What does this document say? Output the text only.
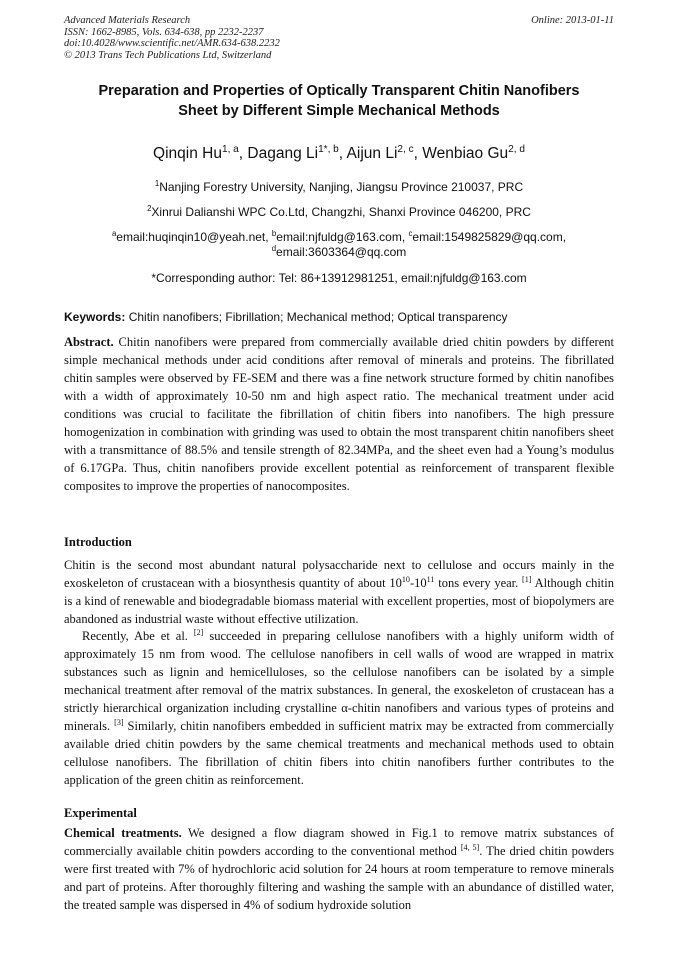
Advanced Materials Research
ISSN: 1662-8985, Vols. 634-638, pp 2232-2237
doi:10.4028/www.scientific.net/AMR.634-638.2232
© 2013 Trans Tech Publications Ltd, Switzerland
Online: 2013-01-11
Preparation and Properties of Optically Transparent Chitin Nanofibers
Sheet by Different Simple Mechanical Methods
Qinqin Hu$^{1, a}$, Dagang $Li^{1*, b}$, Aijun Li$^{2, c}$, Wenbiao Gu$^{2, d}$
$^1$Nanjing Forestry University, Nanjing, Jiangsu Province 210037, PRC
$^2$Xinrui Dalianshi WPC Co.Ltd, Changzhi, Shanxi Province 046200, PRC
$^a$email:huqinqin10@yeah.net, $^b$email:njfuldg@163.com, $^c$email:1549825829@qq.com,
$^d$email:3603364@qq.com
*Corresponding author: Tel: 86+13912981251, email:njfuldg@163.com
Keywords: Chitin nanofibers; Fibrillation; Mechanical method; Optical transparency
Abstract. Chitin nanofibers were prepared from commercially available dried chitin powders by different simple mechanical methods under acid conditions after removal of minerals and proteins. The fibrillated chitin samples were observed by FE-SEM and there was a fine network structure formed by chitin nanofibes with a width of approximately 10-50 nm and high aspect ratio. The mechanical treatment under acid conditions was crucial to facilitate the fibrillation of chitin fibers into nanofibers. The high pressure homogenization in combination with grinding was used to obtain the most transparent chitin nanofibers sheet with a transmittance of 88.5% and tensile strength of 82.34MPa, and the sheet even had a Young’s modulus of 6.17GPa. Thus, chitin nanofibers provide excellent potential as reinforcement of transparent flexible composites to improve the properties of nanocomposites.
Introduction
Chitin is the second most abundant natural polysaccharide next to cellulose and occurs mainly in the exoskeleton of crustacean with a biosynthesis quantity of about $10^{10}-10^{11}$ tons every year. [1] Although chitin is a kind of renewable and biodegradable biomass material with excellent properties, most of biopolymers are abandoned as industrial waste without effective utilization.
Recently, Abe et al. [2] succeeded in preparing cellulose nanofibers with a highly uniform width of approximately 15 nm from wood. The cellulose nanofibers in cell walls of wood are wrapped in matrix substances such as lignin and hemicelluloses, so the cellulose nanofibers can be isolated by a simple mechanical treatment after removal of the matrix substances. In general, the exoskeleton of crustacean has a strictly hierarchical organization including crystalline α-chitin nanofibers and various types of proteins and minerals. [3] Similarly, chitin nanofibers embedded in sufficient matrix may be extracted from commercially available dried chitin powders by the same chemical treatments and mechanical methods used to obtain cellulose nanofibers. The fibrillation of chitin fibers into chitin nanofibers further contributes to the application of the green chitin as reinforcement.
Experimental
Chemical treatments. We designed a flow diagram showed in Fig.1 to remove matrix substances of commercially available chitin powders according to the conventional method [4, 5]. The dried chitin powders were first treated with 7% of hydrochloric acid solution for 24 hours at room temperature to remove minerals and part of proteins. After thoroughly filtering and washing the sample with an abundance of distilled water, the treated sample was dispersed in 4% of sodium hydroxide solution
